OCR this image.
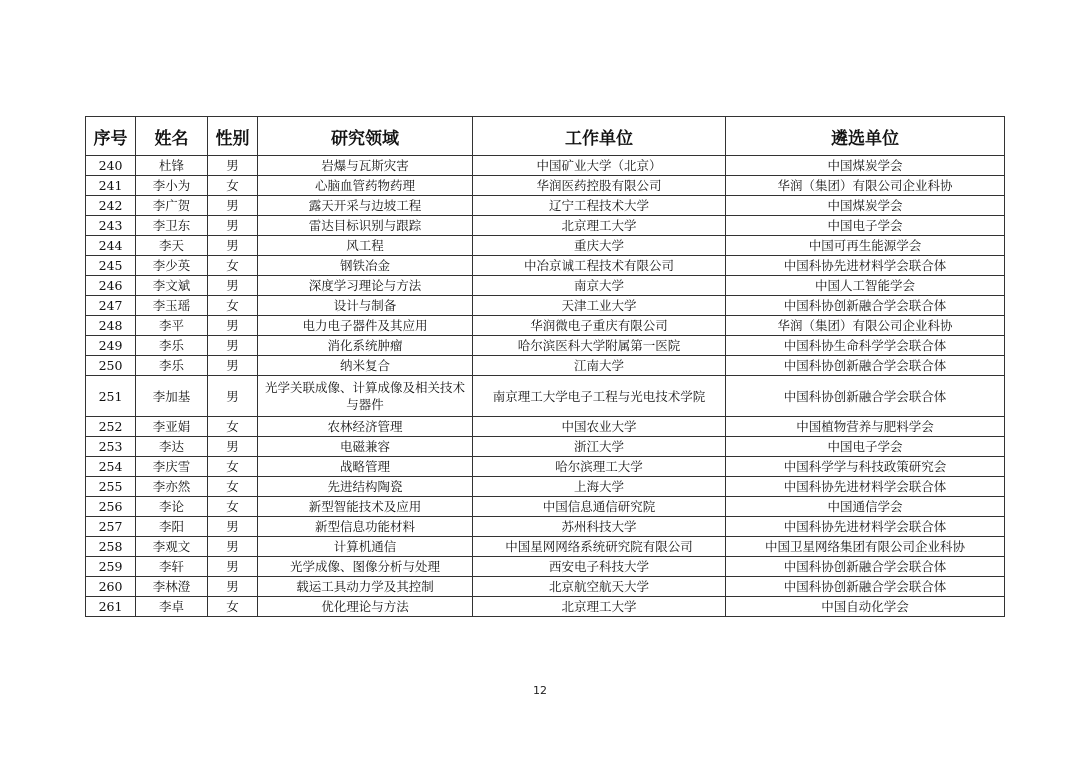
序号	姓名	性别	研究领域	工作单位	遴选单位
240	杜锋	男	岩爆与瓦斯灾害	中国矿业大学（北京）	中国煤炭学会
241	李小为	女	心脑血管药物药理	华润医药控股有限公司	华润（集团）有限公司企业科协
242	李广贺	男	露天开采与边坡工程	辽宁工程技术大学	中国煤炭学会
243	李卫东	男	雷达目标识别与跟踪	北京理工大学	中国电子学会
244	李天	男	风工程	重庆大学	中国可再生能源学会
245	李少英	女	钢铁冶金	中冶京诚工程技术有限公司	中国科协先进材料学会联合体
246	李文斌	男	深度学习理论与方法	南京大学	中国人工智能学会
247	李玉瑶	女	设计与制备	天津工业大学	中国科协创新融合学会联合体
248	李平	男	电力电子器件及其应用	华润微电子重庆有限公司	华润（集团）有限公司企业科协
249	李乐	男	消化系统肿瘤	哈尔滨医科大学附属第一医院	中国科协生命科学学会联合体
250	李乐	男	纳米复合	江南大学	中国科协创新融合学会联合体
251	李加基	男	光学关联成像、计算成像及相关技术与器件	南京理工大学电子工程与光电技术学院	中国科协创新融合学会联合体
252	李亚娟	女	农林经济管理	中国农业大学	中国植物营养与肥料学会
253	李达	男	电磁兼容	浙江大学	中国电子学会
254	李庆雪	女	战略管理	哈尔滨理工大学	中国科学学与科技政策研究会
255	李亦然	女	先进结构陶瓷	上海大学	中国科协先进材料学会联合体
256	李论	女	新型智能技术及应用	中国信息通信研究院	中国通信学会
257	李阳	男	新型信息功能材料	苏州科技大学	中国科协先进材料学会联合体
258	李观文	男	计算机通信	中国星网网络系统研究院有限公司	中国卫星网络集团有限公司企业科协
259	李轩	男	光学成像、图像分析与处理	西安电子科技大学	中国科协创新融合学会联合体
260	李林澄	男	载运工具动力学及其控制	北京航空航天大学	中国科协创新融合学会联合体
261	李卓	女	优化理论与方法	北京理工大学	中国自动化学会
12
